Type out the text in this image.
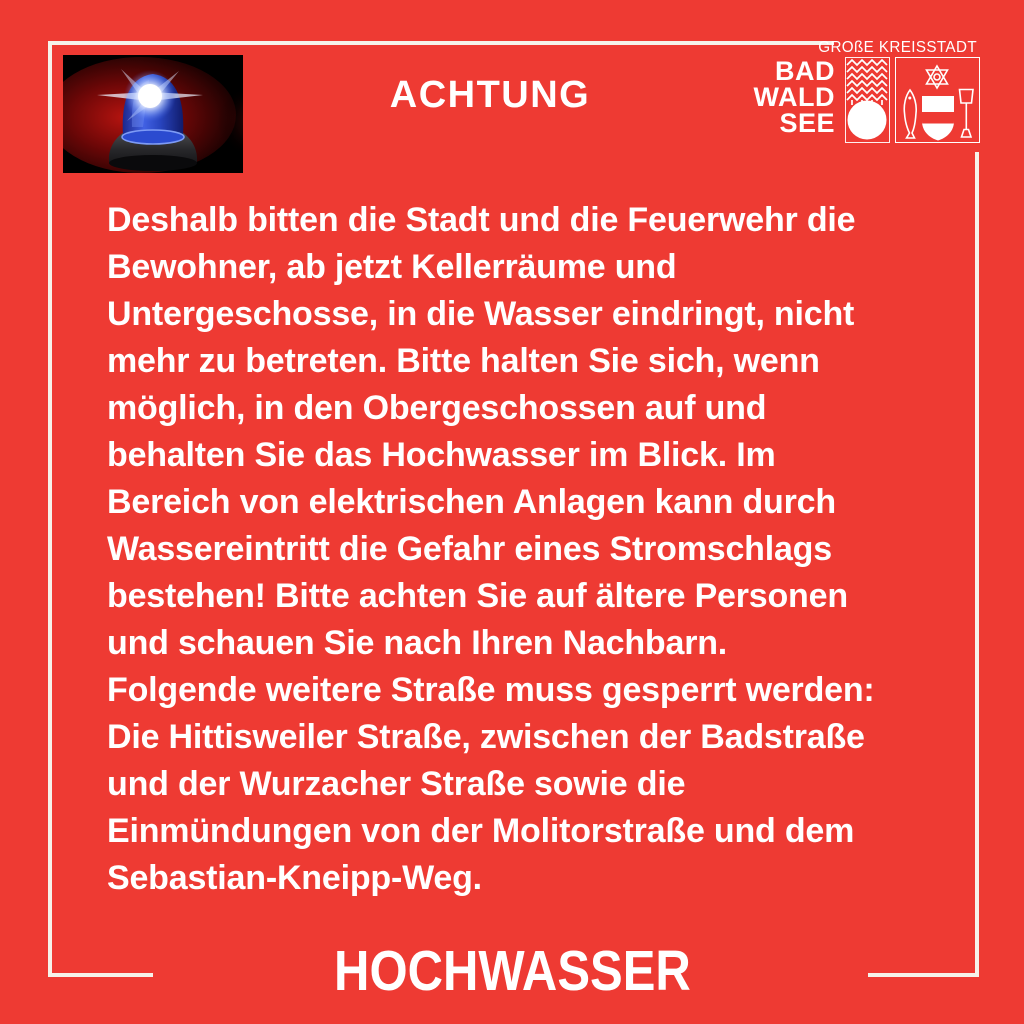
ACHTUNG
GROßE KREISSTADT
BAD
WALD
SEE
Deshalb bitten die Stadt und die Feuerwehr die
Bewohner, ab jetzt Kellerräume und
Untergeschosse, in die Wasser eindringt, nicht
mehr zu betreten. Bitte halten Sie sich, wenn
möglich, in den Obergeschossen auf und
behalten Sie das Hochwasser im Blick. Im
Bereich von elektrischen Anlagen kann durch
Wassereintritt die Gefahr eines Stromschlags
bestehen! Bitte achten Sie auf ältere Personen
und schauen Sie nach Ihren Nachbarn.
Folgende weitere Straße muss gesperrt werden:
Die Hittisweiler Straße, zwischen der Badstraße
und der Wurzacher Straße sowie die
Einmündungen von der Molitorstraße und dem
Sebastian-Kneipp-Weg.
HOCHWASSER
